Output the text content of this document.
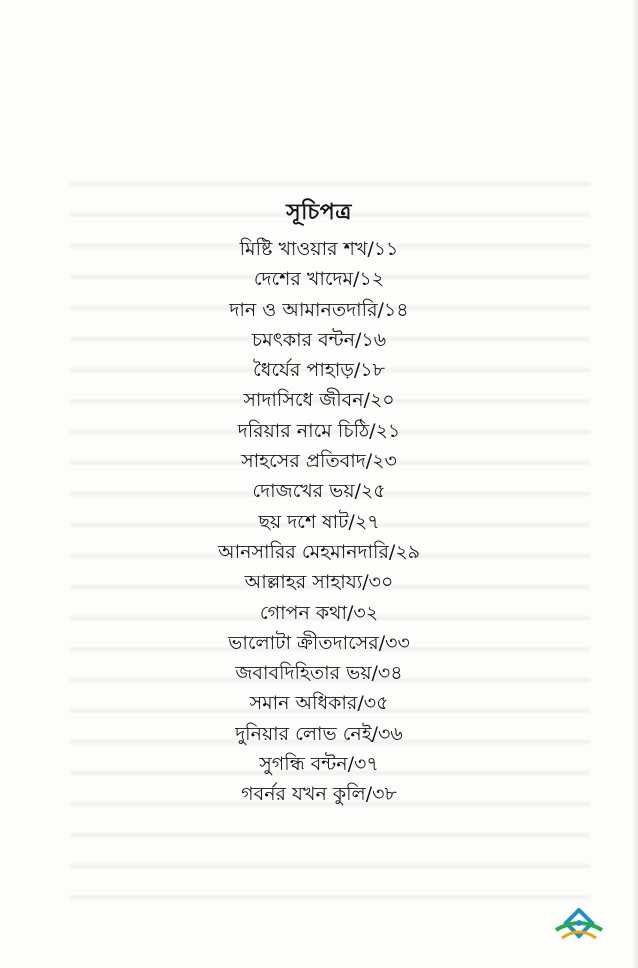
সূচিপত্র
মিষ্টি খাওয়ার শখ/১১
দেশের খাদেম/১২
দান ও আমানতদারি/১৪
চমৎকার বন্টন/১৬
ধৈর্যের পাহাড়/১৮
সাদাসিধে জীবন/২০
দরিয়ার নামে চিঠি/২১
সাহসের প্রতিবাদ/২৩
দোজখের ভয়/২৫
ছয় দশে ষাট/২৭
আনসারির মেহমানদারি/২৯
আল্লাহর সাহায্য/৩০
গোপন কথা/৩২
ভালোটা ক্রীতদাসের/৩৩
জবাবদিহিতার ভয়/৩৪
সমান অধিকার/৩৫
দুনিয়ার লোভ নেই/৩৬
সুগন্ধি বন্টন/৩৭
গবর্নর যখন কুলি/৩৮
